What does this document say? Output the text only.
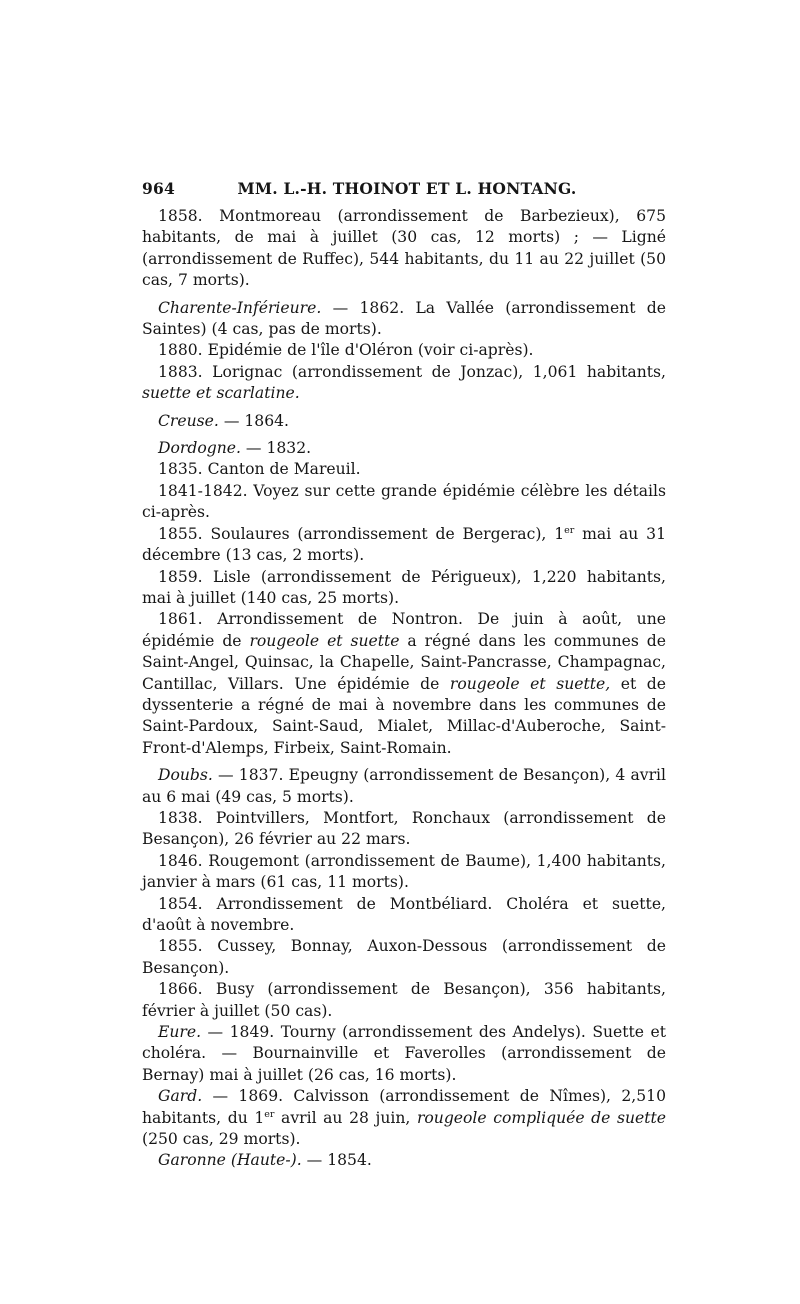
964	MM. L.-H. THOINOT ET L. HONTANG.

1858. Montmoreau (arrondissement de Barbezieux), 675 habitants, de mai à juillet (30 cas, 12 morts) ; — Ligné (arrondissement de Ruffec), 544 habitants, du 11 au 22 juillet (50 cas, 7 morts).

Charente-Inférieure. — 1862. La Vallée (arrondissement de Saintes) (4 cas, pas de morts).

1880. Epidémie de l'île d'Oléron (voir ci-après).

1883. Lorignac (arrondissement de Jonzac), 1,061 habitants, suette et scarlatine.

Creuse. — 1864.

Dordogne. — 1832.

1835. Canton de Mareuil.

1841-1842. Voyez sur cette grande épidémie célèbre les détails ci-après.

1855. Soulaures (arrondissement de Bergerac), 1er mai au 31 décembre (13 cas, 2 morts).

1859. Lisle (arrondissement de Périgueux), 1,220 habitants, mai à juillet (140 cas, 25 morts).

1861. Arrondissement de Nontron. De juin à août, une épidémie de rougeole et suette a régné dans les communes de Saint-Angel, Quinsac, la Chapelle, Saint-Pancrasse, Champagnac, Cantillac, Villars. Une épidémie de rougeole et suette, et de dyssenterie a régné de mai à novembre dans les communes de Saint-Pardoux, Saint-Saud, Mialet, Millac-d'Auberoche, Saint-Front-d'Alemps, Firbeix, Saint-Romain.

Doubs. — 1837. Epeugny (arrondissement de Besançon), 4 avril au 6 mai (49 cas, 5 morts).

1838. Pointvillers, Montfort, Ronchaux (arrondissement de Besançon), 26 février au 22 mars.

1846. Rougemont (arrondissement de Baume), 1,400 habitants, janvier à mars (61 cas, 11 morts).

1854. Arrondissement de Montbéliard. Choléra et suette, d'août à novembre.

1855. Cussey, Bonnay, Auxon-Dessous (arrondissement de Besançon).

1866. Busy (arrondissement de Besançon), 356 habitants, février à juillet (50 cas).

Eure. — 1849. Tourny (arrondissement des Andelys). Suette et choléra. — Bournainville et Faverolles (arrondissement de Bernay) mai à juillet (26 cas, 16 morts).

Gard. — 1869. Calvisson (arrondissement de Nîmes), 2,510 habitants, du 1er avril au 28 juin, rougeole compliquée de suette (250 cas, 29 morts).

Garonne (Haute-). — 1854.
